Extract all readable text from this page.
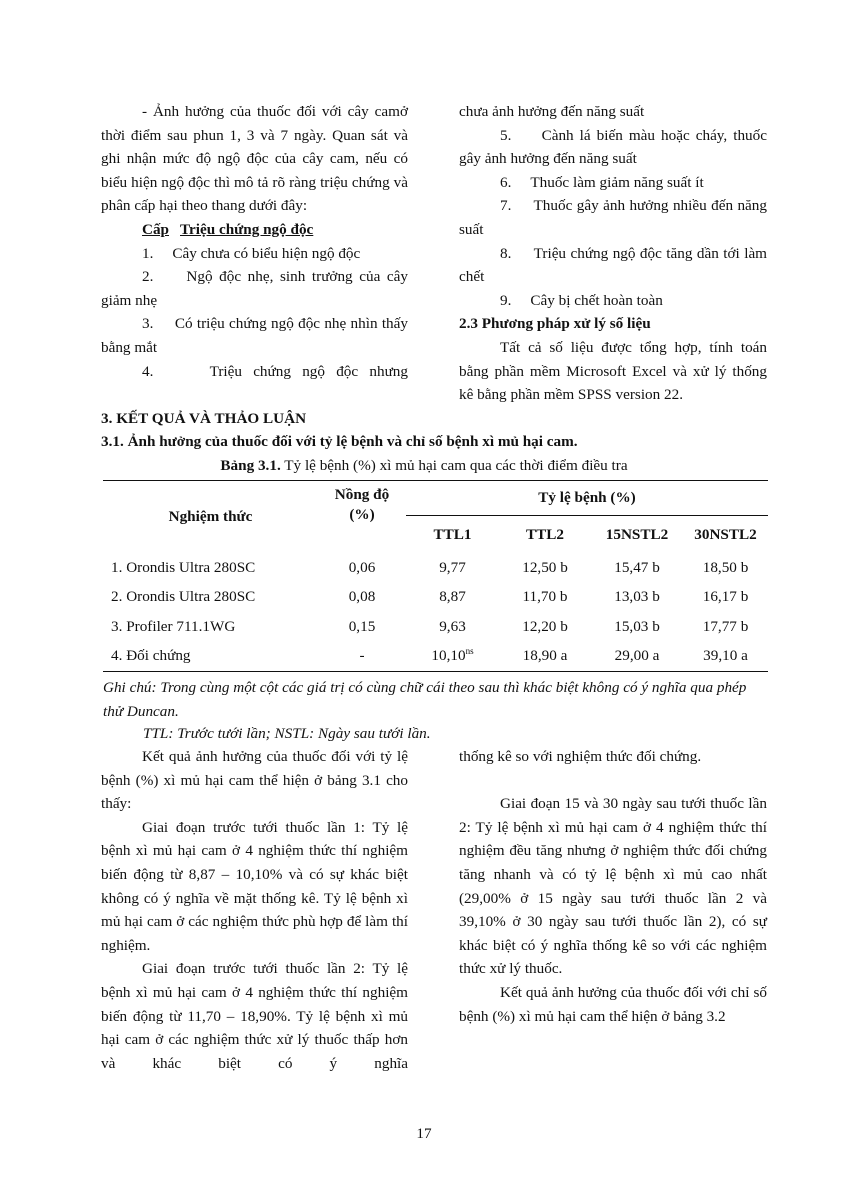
- Ảnh hưởng của thuốc đối với cây camở thời điểm sau phun 1, 3 và 7 ngày. Quan sát và ghi nhận mức độ ngộ độc của cây cam, nếu có biểu hiện ngộ độc thì mô tả rõ ràng triệu chứng và phân cấp hại theo thang dưới đây:

Cấp Triệu chứng ngộ độc

1.     Cây chưa có biểu hiện ngộ độc

2.     Ngộ độc nhẹ, sinh trưởng của cây giảm nhẹ

3.     Có triệu chứng ngộ độc nhẹ nhìn thấy bằng mắt

4.     Triệu chứng ngộ độc nhưng

chưa ảnh hưởng đến năng suất

5.     Cành lá biến màu hoặc cháy, thuốc gây ảnh hưởng đến năng suất

6.     Thuốc làm giảm năng suất ít

7.     Thuốc gây ảnh hưởng nhiều đến năng suất

8.     Triệu chứng ngộ độc tăng dần tới làm chết

9.     Cây bị chết hoàn toàn

2.3 Phương pháp xử lý số liệu

Tất cả số liệu được tổng hợp, tính toán bằng phần mềm Microsoft Excel và xử lý thống kê bằng phần mềm SPSS version 22.

3. KẾT QUẢ VÀ THẢO LUẬN
3.1. Ảnh hưởng của thuốc đối với tỷ lệ bệnh và chỉ số bệnh xì mủ hại cam.
Bảng 3.1. Tỷ lệ bệnh (%) xì mủ hại cam qua các thời điểm điều tra
Nghiệm thức	Nồng độ
(%)	Tỷ lệ bệnh (%)			
		TTL1	TTL2	15NSTL2	30NSTL2
1. Orondis Ultra 280SC	0,06	9,77	12,50 b	15,47 b	18,50 b
2. Orondis Ultra 280SC	0,08	8,87	11,70 b	13,03 b	16,17 b
3. Profiler 711.1WG	0,15	9,63	12,20 b	15,03 b	17,77 b
4. Đối chứng	-	$10,10^{ns}$	18,90 a	29,00 a	39,10 a
Ghi chú: Trong cùng một cột các giá trị có cùng chữ cái theo sau thì khác biệt không có ý nghĩa qua phép thử Duncan.
TTL: Trước tưới lần; NSTL: Ngày sau tưới lần.

Kết quả ảnh hưởng của thuốc đối với tỷ lệ bệnh (%) xì mủ hại cam thể hiện ở bảng 3.1 cho thấy:

Giai đoạn trước tưới thuốc lần 1: Tỷ lệ bệnh xì mủ hại cam ở 4 nghiệm thức thí nghiệm biến động từ 8,87 – 10,10% và có sự khác biệt không có ý nghĩa về mặt thống kê. Tỷ lệ bệnh xì mủ hại cam ở các nghiệm thức phù hợp để làm thí nghiệm.

Giai đoạn trước tưới thuốc lần 2: Tỷ lệ bệnh xì mủ hại cam ở 4 nghiệm thức thí nghiệm biến động từ 11,70 – 18,90%. Tỷ lệ bệnh xì mủ hại cam ở các nghiệm thức xử lý thuốc thấp hơn và khác biệt có ý nghĩa

thống kê so với nghiệm thức đối chứng.

Giai đoạn 15 và 30 ngày sau tưới thuốc lần 2: Tỷ lệ bệnh xì mủ hại cam ở 4 nghiệm thức thí nghiệm đều tăng nhưng ở nghiệm thức đối chứng tăng nhanh và có tỷ lệ bệnh xì mủ cao nhất (29,00% ở 15 ngày sau tưới thuốc lần 2 và 39,10% ở 30 ngày sau tưới thuốc lần 2), có sự khác biệt có ý nghĩa thống kê so với các nghiệm thức xử lý thuốc.

Kết quả ảnh hưởng của thuốc đối với chỉ số bệnh (%) xì mủ hại cam thể hiện ở bảng 3.2

17
